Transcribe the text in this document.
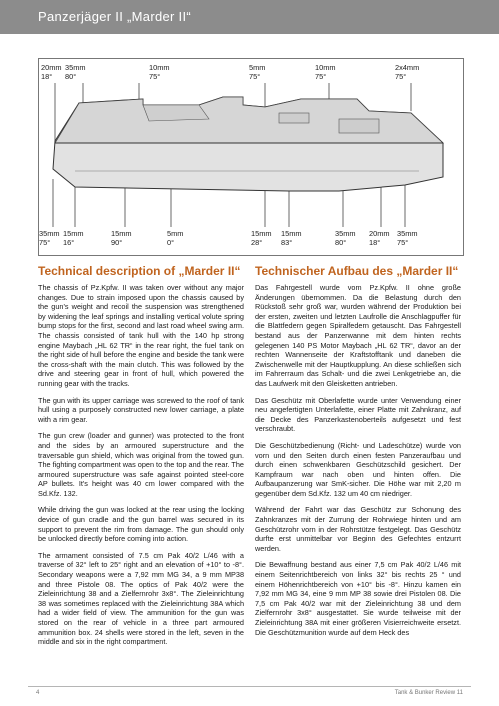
Panzerjäger II „Marder II“
20mm
18°
35mm
80°
10mm
75°
5mm
75°
10mm
75°
2x4mm
75°
35mm
75°
15mm
16°
15mm
90°
5mm
0°
15mm
28°
15mm
83°
35mm
80°
20mm
18°
35mm
75°
Technical description of „Marder II“ Technischer Aufbau des „Marder II“

The chassis of Pz.Kpfw. II was taken over without any major changes. Due to strain imposed upon the chassis caused by the gun's weight and recoil the suspension was strengthened by widening the leaf springs and installing vertical volute spring bump stops for the first, second and last road wheel swing arm. The chassis consisted of tank hull with the 140 hp strong engine Maybach „HL 62 TR“ in the rear right, the fuel tank on the right side of hull before the engine and beside the tank were the cross-shaft with the main clutch. This was followed by the drive and steering gear in front of hull, which powered the running gear with the tracks.

The gun with its upper carriage was screwed to the roof of tank hull using a purposely constructed new lower carriage, a plate with a rim gear.

The gun crew (loader and gunner) was protected to the front and the sides by an armoured superstructure and the traversable gun shield, which was original from the towed gun. The fighting compartment was open to the top and the rear. The armoured superstructure was safe against pointed steel-core AP bullets. It's height was 40 cm lower compared with the Sd.Kfz. 132.

While driving the gun was locked at the rear using the locking device of gun cradle and the gun barrel was secured in its support to prevent the rim from damage. The gun should only be unlocked directly before coming into action.

The armament consisted of 7.5 cm Pak 40/2 L/46 with a traverse of 32° left to 25° right and an elevation of +10° to -8°. Secondary weapons were a 7,92 mm MG 34, a 9 mm MP38 and three Pistole 08. The optics of Pak 40/2 were the Zieleinrichtung 38 and a Zielfernrohr 3x8°. The Zieleinrichtung 38 was sometimes replaced with the Zieleinrichtung 38A which had a wider field of view. The ammunition for the gun was stored on the rear of vehicle in a three part armoured ammunition box. 24 shells were stored in the left, seven in the middle and six in the right compartment.

Das Fahrgestell wurde vom Pz.Kpfw. II ohne große Änderungen übernommen. Da die Belastung durch den Rückstoß sehr groß war, wurden während der Produktion bei der ersten, zweiten und letzten Laufrolle die Anschlagpuffer für die Blattfedern gegen Spiralfedern getauscht. Das Fahrgestell bestand aus der Panzerwanne mit dem hinten rechts gelegenen 140 PS Motor Maybach „HL 62 TR“, davor an der rechten Wannenseite der Kraftstofftank und daneben die Zwischenwelle mit der Hauptkupplung. An diese schließen sich im Fahrerraum das Schalt- und die zwei Lenkgetriebe an, die das Laufwerk mit den Gleisketten antrieben.

Das Geschütz mit Oberlafette wurde unter Verwendung einer neu angefertigten Unterlafette, einer Platte mit Zahnkranz, auf die Decke des Panzerkastenoberteils aufgesetzt und fest verschraubt.

Die Geschützbedienung (Richt- und Ladeschütze) wurde von vorn und den Seiten durch einen festen Panzeraufbau und durch einen schwenkbaren Geschützschild gesichert. Der Kampfraum war nach oben und hinten offen. Die Aufbaupanzerung war SmK-sicher. Die Höhe war mit 2,20 m gegenüber dem Sd.Kfz. 132 um 40 cm niedriger.

Während der Fahrt war das Geschütz zur Schonung des Zahnkranzes mit der Zurrung der Rohrwiege hinten und am Geschützrohr vorn in der Rohrstütze festgelegt. Das Geschütz durfte erst unmittelbar vor Beginn des Gefechtes entzurrt werden.

Die Bewaffnung bestand aus einer 7,5 cm Pak 40/2 L/46 mit einem Seitenrichtbereich von links 32° bis rechts 25 ° und einem Höhenrichtbereich von +10° bis -8°. Hinzu kamen ein 7,92 mm MG 34, eine 9 mm MP 38 sowie drei Pistolen 08. Die 7,5 cm Pak 40/2 war mit der Zieleinrichtung 38 und dem Zielfernrohr 3x8° ausgestattet. Sie wurde teilweise mit der Zieleinrichtung 38A mit einer größeren Visierreichweite ersetzt. Die Geschützmunition wurde auf dem Heck des

4	Tank & Bunker Review 11
